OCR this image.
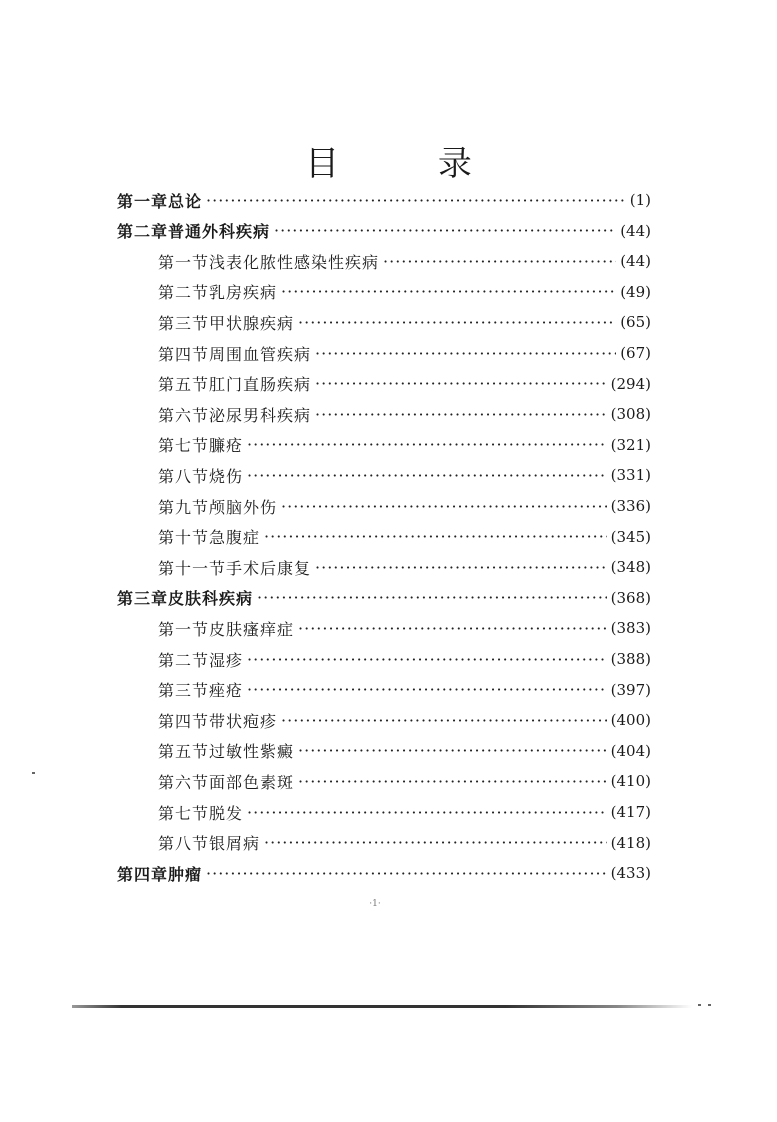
目 录
第一章 总论 ·····	(1)
第二章 普通外科疾病 ·····	(44)
第一节 浅表化脓性感染性疾病 ·····	(44)
第二节 乳房疾病 ·····	(49)
第三节 甲状腺疾病 ·····	(65)
第四节 周围血管疾病 ·····	(67)
第五节 肛门直肠疾病 ·····	(294)
第六节 泌尿男科疾病 ·····	(308)
第七节 臁疮 ·····	(321)
第八节 烧伤 ·····	(331)
第九节 颅脑外伤 ·····	(336)
第十节 急腹症 ·····	(345)
第十一节 手术后康复 ·····	(348)
第三章 皮肤科疾病 ·····	(368)
第一节 皮肤瘙痒症 ·····	(383)
第二节 湿疹 ·····	(388)
第三节 痤疮 ·····	(397)
第四节 带状疱疹 ·····	(400)
第五节 过敏性紫癜 ·····	(404)
第六节 面部色素斑 ·····	(410)
第七节 脱发 ·····	(417)
第八节 银屑病 ·····	(418)
第四章 肿瘤 ·····	(433)
·1·
